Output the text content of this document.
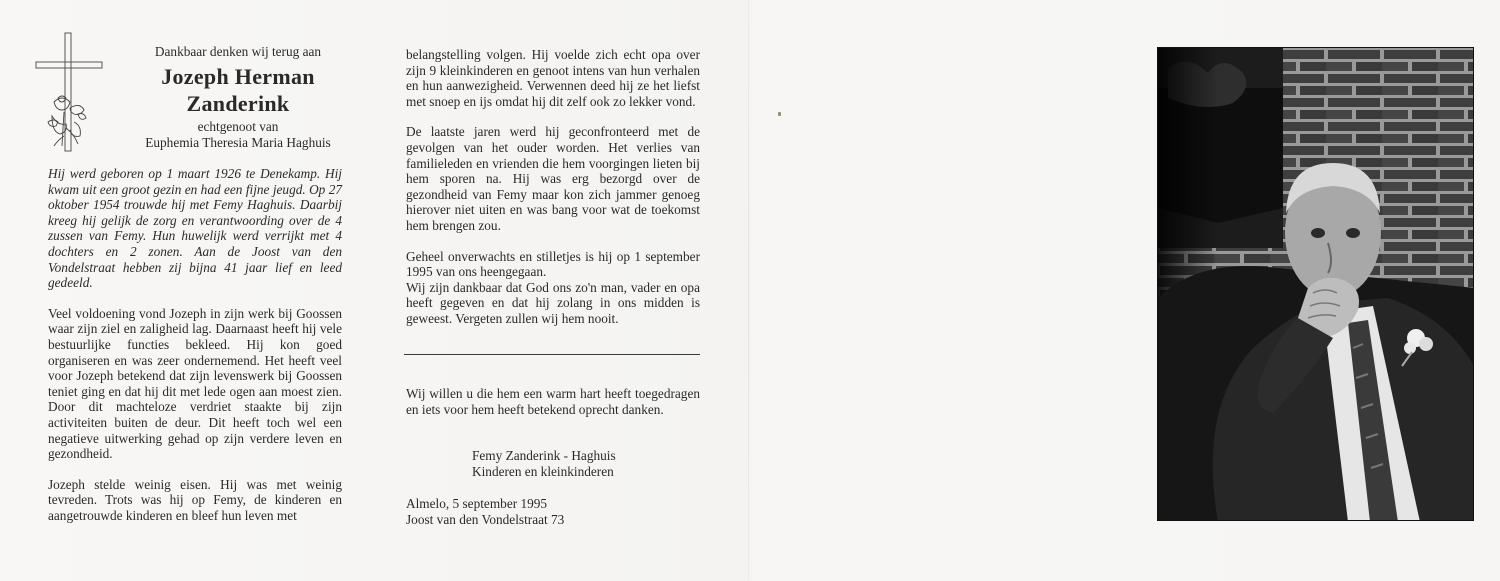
Dankbaar denken wij terug aan
Jozeph Herman
Zanderink
echtgenoot van
Euphemia Theresia Maria Haghuis

Hij werd geboren op 1 maart 1926 te Denekamp. Hij kwam uit een groot gezin en had een fijne jeugd. Op 27 oktober 1954 trouwde hij met Femy Haghuis. Daarbij kreeg hij gelijk de zorg en verantwoording over de 4 zussen van Femy. Hun huwelijk werd verrijkt met 4 dochters en 2 zonen. Aan de Joost van den Vondelstraat hebben zij bijna 41 jaar lief en leed gedeeld.

Veel voldoening vond Jozeph in zijn werk bij Goossen waar zijn ziel en zaligheid lag. Daarnaast heeft hij vele bestuurlijke functies bekleed. Hij kon goed organiseren en was zeer ondernemend. Het heeft veel voor Jozeph betekend dat zijn levenswerk bij Goossen teniet ging en dat hij dit met lede ogen aan moest zien. Door dit machteloze verdriet staakte bij zijn activiteiten buiten de deur. Dit heeft toch wel een negatieve uitwerking gehad op zijn verdere leven en gezondheid.

Jozeph stelde weinig eisen. Hij was met weinig tevreden. Trots was hij op Femy, de kinderen en aangetrouwde kinderen en bleef hun leven met

belangstelling volgen. Hij voelde zich echt opa over zijn 9 kleinkinderen en genoot intens van hun verhalen en hun aanwezigheid. Verwennen deed hij ze het liefst met snoep en ijs omdat hij dit zelf ook zo lekker vond.

De laatste jaren werd hij geconfronteerd met de gevolgen van het ouder worden. Het verlies van familieleden en vrienden die hem voorgingen lieten bij hem sporen na. Hij was erg bezorgd over de gezondheid van Femy maar kon zich jammer genoeg hierover niet uiten en was bang voor wat de toekomst hem brengen zou.

Geheel onverwachts en stilletjes is hij op 1 september 1995 van ons heengegaan.
Wij zijn dankbaar dat God ons zo'n man, vader en opa heeft gegeven en dat hij zolang in ons midden is geweest. Vergeten zullen wij hem nooit.

Wij willen u die hem een warm hart heeft toegedragen en iets voor hem heeft betekend oprecht danken.
Femy Zanderink - Haghuis
Kinderen en kleinkinderen
Almelo, 5 september 1995
Joost van den Vondelstraat 73
